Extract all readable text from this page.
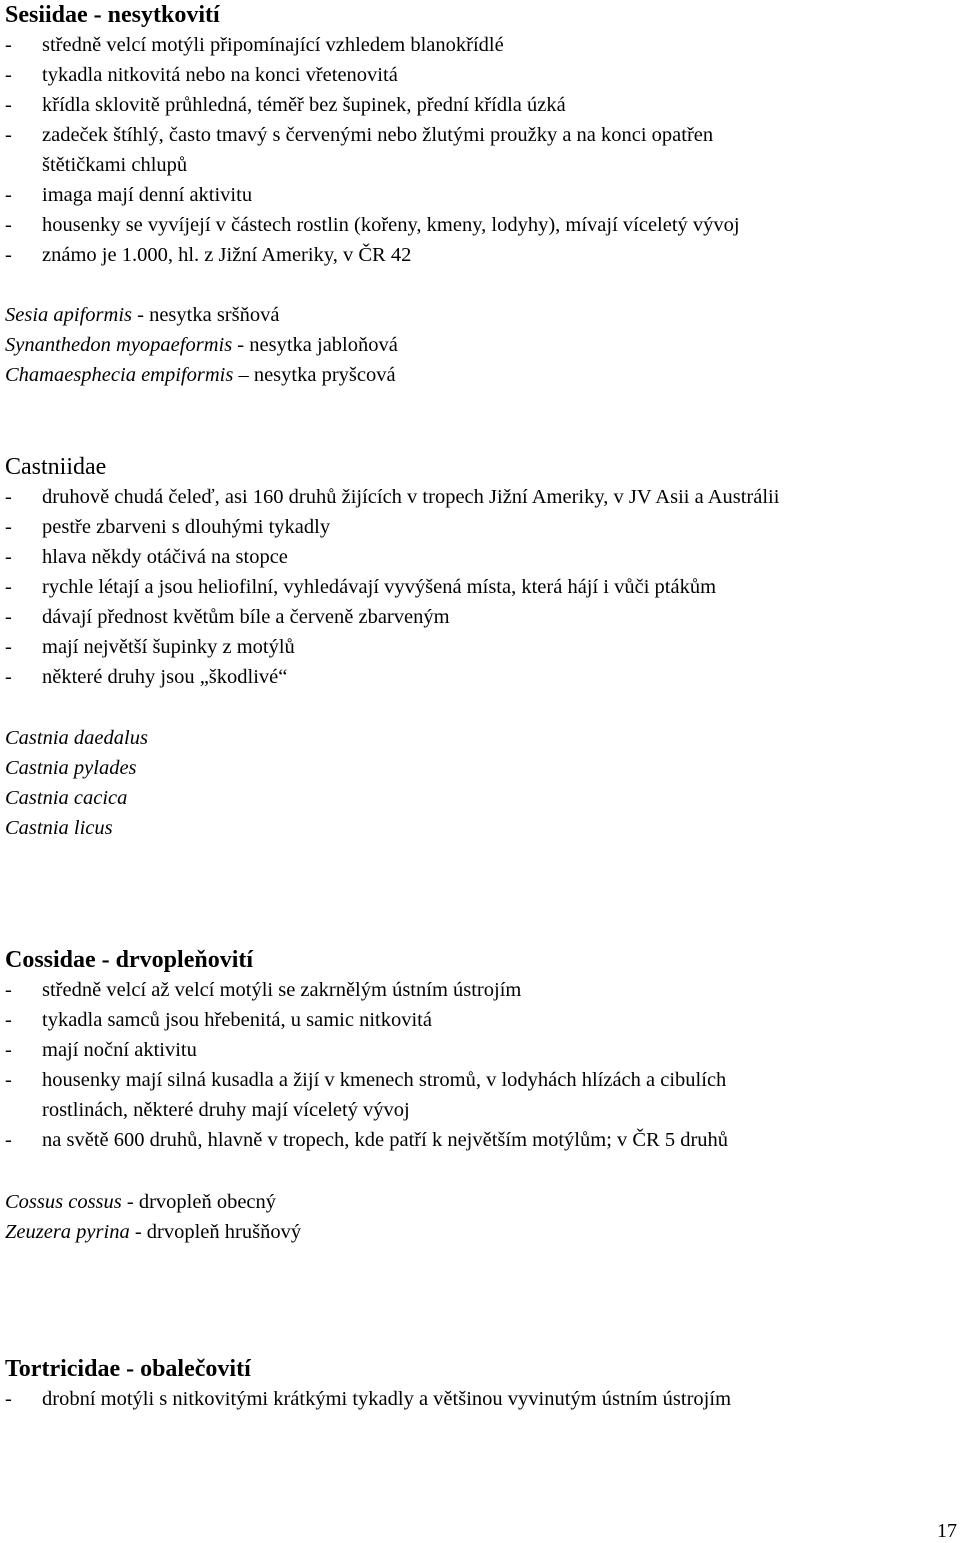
Sesiidae - nesytkovití
- středně velcí motýli připomínající vzhledem blanokřídlé
- tykadla nitkovitá nebo na konci vřetenovitá
- křídla sklovitě průhledná, téměř bez šupinek, přední křídla úzká
- zadeček štíhlý, často tmavý s červenými nebo žlutými proužky a na konci opatřen
štětičkami chlupů
- imaga mají denní aktivitu
- housenky se vyvíjejí v částech rostlin (kořeny, kmeny, lodyhy), mívají víceletý vývoj
- známo je 1.000, hl. z Jižní Ameriky, v ČR 42
Sesia apiformis - nesytka sršňová
Synanthedon myopaeformis - nesytka jabloňová
Chamaesphecia empiformis – nesytka pryšcová
Castniidae
- druhově chudá čeleď, asi 160 druhů žijících v tropech Jižní Ameriky, v JV Asii a Austrálii
- pestře zbarveni s dlouhými tykadly
- hlava někdy otáčivá na stopce
- rychle létají a jsou heliofilní, vyhledávají vyvýšená místa, která hájí i vůči ptákům
- dávají přednost květům bíle a červeně zbarveným
- mají největší šupinky z motýlů
- některé druhy jsou „škodlivé“
Castnia daedalus
Castnia pylades
Castnia cacica
Castnia licus
Cossidae - drvopleňovití
- středně velcí až velcí motýli se zakrnělým ústním ústrojím
- tykadla samců jsou hřebenitá, u samic nitkovitá
- mají noční aktivitu
- housenky mají silná kusadla a žijí v kmenech stromů, v lodyhách hlízách a cibulích
rostlinách, některé druhy mají víceletý vývoj
- na světě 600 druhů, hlavně v tropech, kde patří k největším motýlům; v ČR 5 druhů
Cossus cossus - drvopleň obecný
Zeuzera pyrina - drvopleň hrušňový
Tortricidae - obalečovití
- drobní motýli s nitkovitými krátkými tykadly a většinou vyvinutým ústním ústrojím
17
